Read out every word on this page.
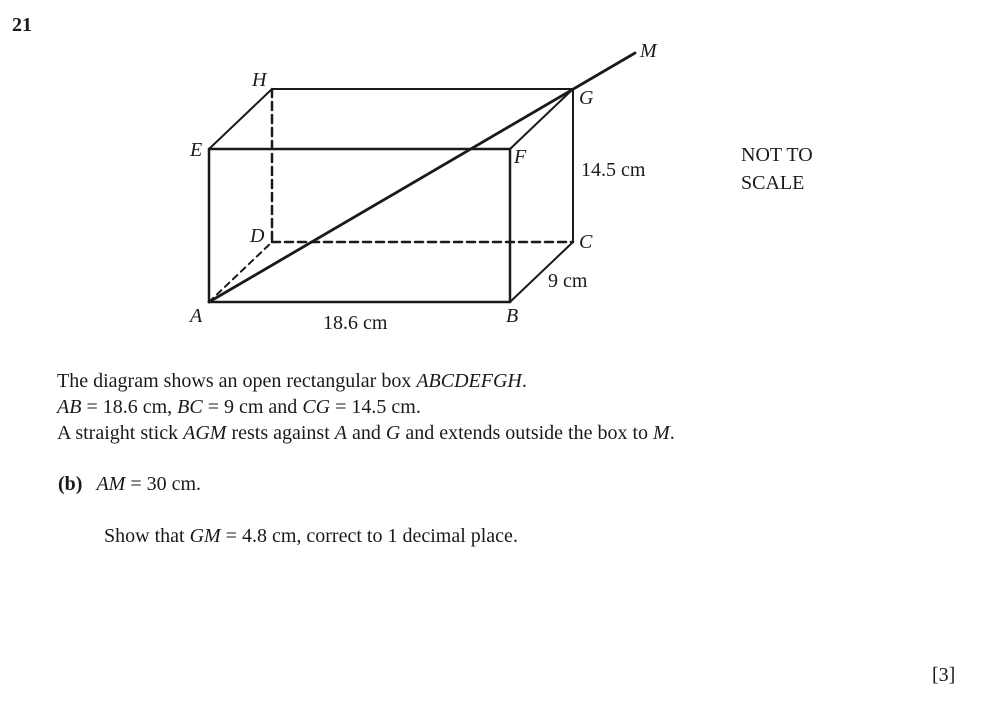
21
H
E
D
A	B
C
F
G
M
18.6 cm
9 cm
14.5 cm
NOT TO
SCALE
The diagram shows an open rectangular box ABCDEFGH.
AB = 18.6 cm, BC = 9 cm and CG = 14.5 cm.
A straight stick AGM rests against A and G and extends outside the box to M.
(b) AM = 30 cm.
Show that GM = 4.8 cm, correct to 1 decimal place.
[3]
